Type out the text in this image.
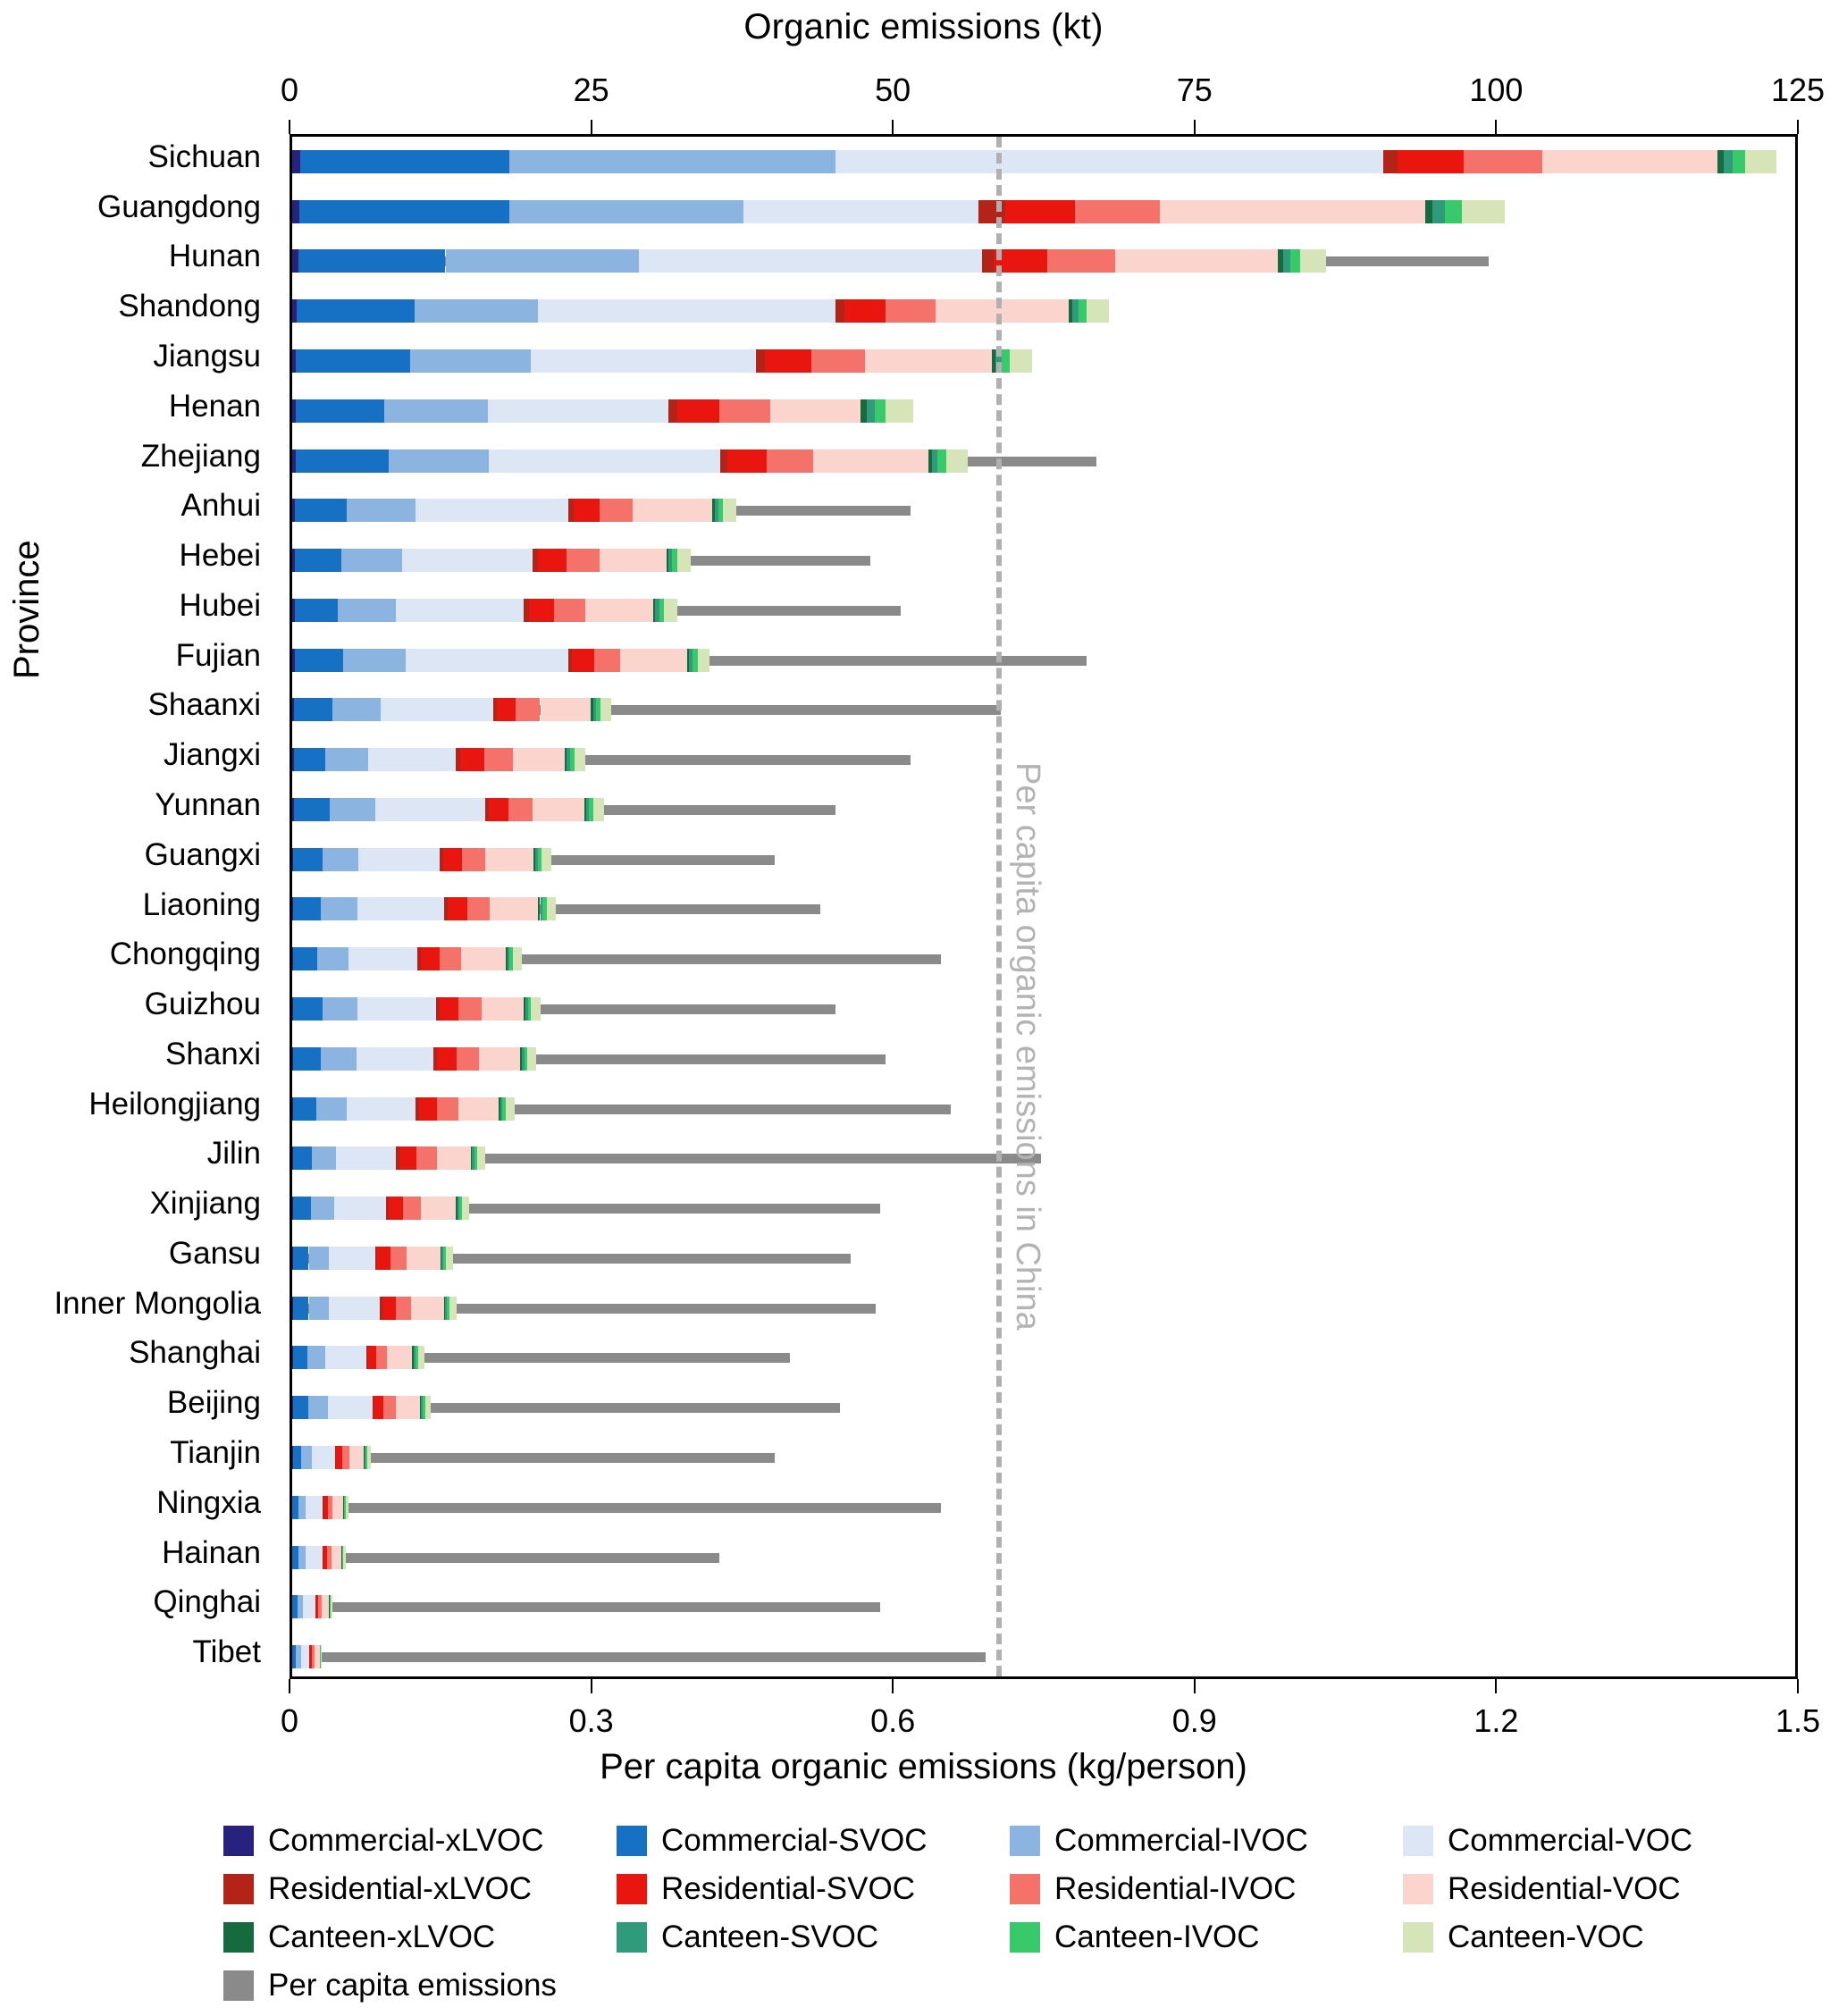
Organic emissions (kt)
Province
Sichuan
Guangdong
Hunan
Shandong
Jiangsu
Henan
Zhejiang
Anhui
Hebei
Hubei
Fujian
Shaanxi
Jiangxi
Yunnan
Guangxi
Liaoning
Chongqing
Guizhou
Shanxi
Heilongjiang
Jilin
Xinjiang
Gansu
Inner Mongolia
Shanghai
Beijing
Tianjin
Ningxia
Hainan
Qinghai
Tibet
0	25	50	75	100	125
0	0.3	0.6	0.9	1.2	1.5
Per capita organic emissions in China
Per capita organic emissions (kg/person)
Commercial-xLVOC	Commercial-SVOC	Commercial-IVOC	Commercial-VOC
Residential-xLVOC	Residential-SVOC	Residential-IVOC	Residential-VOC
Canteen-xLVOC	Canteen-SVOC	Canteen-IVOC	Canteen-VOC
Per capita emissions
